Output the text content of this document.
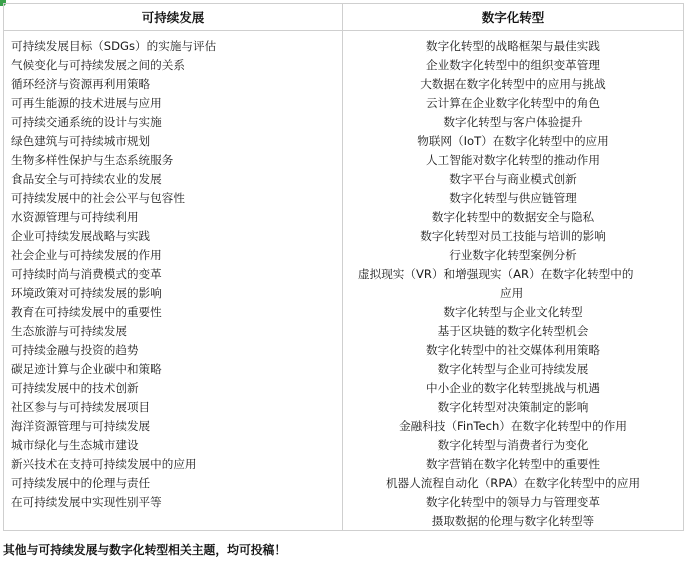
可持续发展
可持续发展目标（SDGs）的实施与评估
气候变化与可持续发展之间的关系
循环经济与资源再利用策略
可再生能源的技术进展与应用
可持续交通系统的设计与实施
绿色建筑与可持续城市规划
生物多样性保护与生态系统服务
食品安全与可持续农业的发展
可持续发展中的社会公平与包容性
水资源管理与可持续利用
企业可持续发展战略与实践
社会企业与可持续发展的作用
可持续时尚与消费模式的变革
环境政策对可持续发展的影响
教育在可持续发展中的重要性
生态旅游与可持续发展
可持续金融与投资的趋势
碳足迹计算与企业碳中和策略
可持续发展中的技术创新
社区参与与可持续发展项目
海洋资源管理与可持续发展
城市绿化与生态城市建设
新兴技术在支持可持续发展中的应用
可持续发展中的伦理与责任
在可持续发展中实现性别平等
数字化转型
数字化转型的战略框架与最佳实践
企业数字化转型中的组织变革管理
大数据在数字化转型中的应用与挑战
云计算在企业数字化转型中的角色
数字化转型与客户体验提升
物联网（IoT）在数字化转型中的应用
人工智能对数字化转型的推动作用
数字平台与商业模式创新
数字化转型与供应链管理
数字化转型中的数据安全与隐私
数字化转型对员工技能与培训的影响
行业数字化转型案例分析
虚拟现实（VR）和增强现实（AR）在数字化转型中的
应用
数字化转型与企业文化转型
基于区块链的数字化转型机会
数字化转型中的社交媒体利用策略
数字化转型与企业可持续发展
中小企业的数字化转型挑战与机遇
数字化转型对决策制定的影响
金融科技（FinTech）在数字化转型中的作用
数字化转型与消费者行为变化
数字营销在数字化转型中的重要性
机器人流程自动化（RPA）在数字化转型中的应用
数字化转型中的领导力与管理变革
摄取数据的伦理与数字化转型等
其他与可持续发展与数字化转型相关主题，均可投稿！
